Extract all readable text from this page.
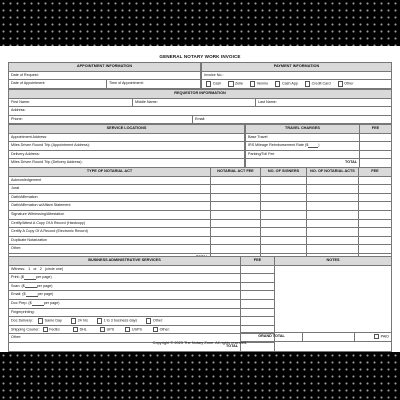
GENERAL NOTARY WORK INVOICE
APPOINTMENT INFORMATION
Date of Request:
Date of Appointment:	Time of Appointment:
PAYMENT INFORMATION
Invoice No.:
Cash	Zelle	Venmo	Cash App	Credit Card	Other
REQUESTOR INFORMATION			
First Name:	Middle Name:		Last Name:
Address:			
Phone:		Email:	
SERVICE LOCATIONS
Appointment Address:
Miles Driven Round Trip (Appointment Address):
Delivery Address:
Miles Driven Round Trip (Delivery Address):
TRAVEL CHARGES	FEE
Base Travel	
IRS Mileage Reimbursement Rate ($ )	
Parking/Toll Fee	
TOTAL	
TYPE OF NOTARIAL ACT	NOTARIAL ACT FEE	NO. OF SIGNERS	NO. OF NOTARIAL ACTS	FEE
Acknowledgement				
Jurat				
Oath/Affirmation				
Oath/Affirmation w/Affiant Statement				
Signature Witnessing/Attestation				
Certify/Attest A Copy Of A Record (Hardcopy)				
Certify A Copy Of A Record (Electronic Record)				
Duplicate Notarization				
Other:				

BUSINESS ADMINISTRATIVE SERVICES	FEE	NOTES
Witness: 1 or 2 (circle one)		
Print: ($ per page)		
Scan: ($ per page)		
Email: ($ per page)		
Doc Prep: ($ per page)		
Fingerprinting:		
Doc Delivery: Same Day 24 hrs 1 to 3 business days Other:		
Shipping Courier: FedEx DHL UPS USPS Other:		
Other:		
TOTAL		
GRAND TOTAL		PAID
Copyright © 2023 The Notary Zone. All rights reserved.
